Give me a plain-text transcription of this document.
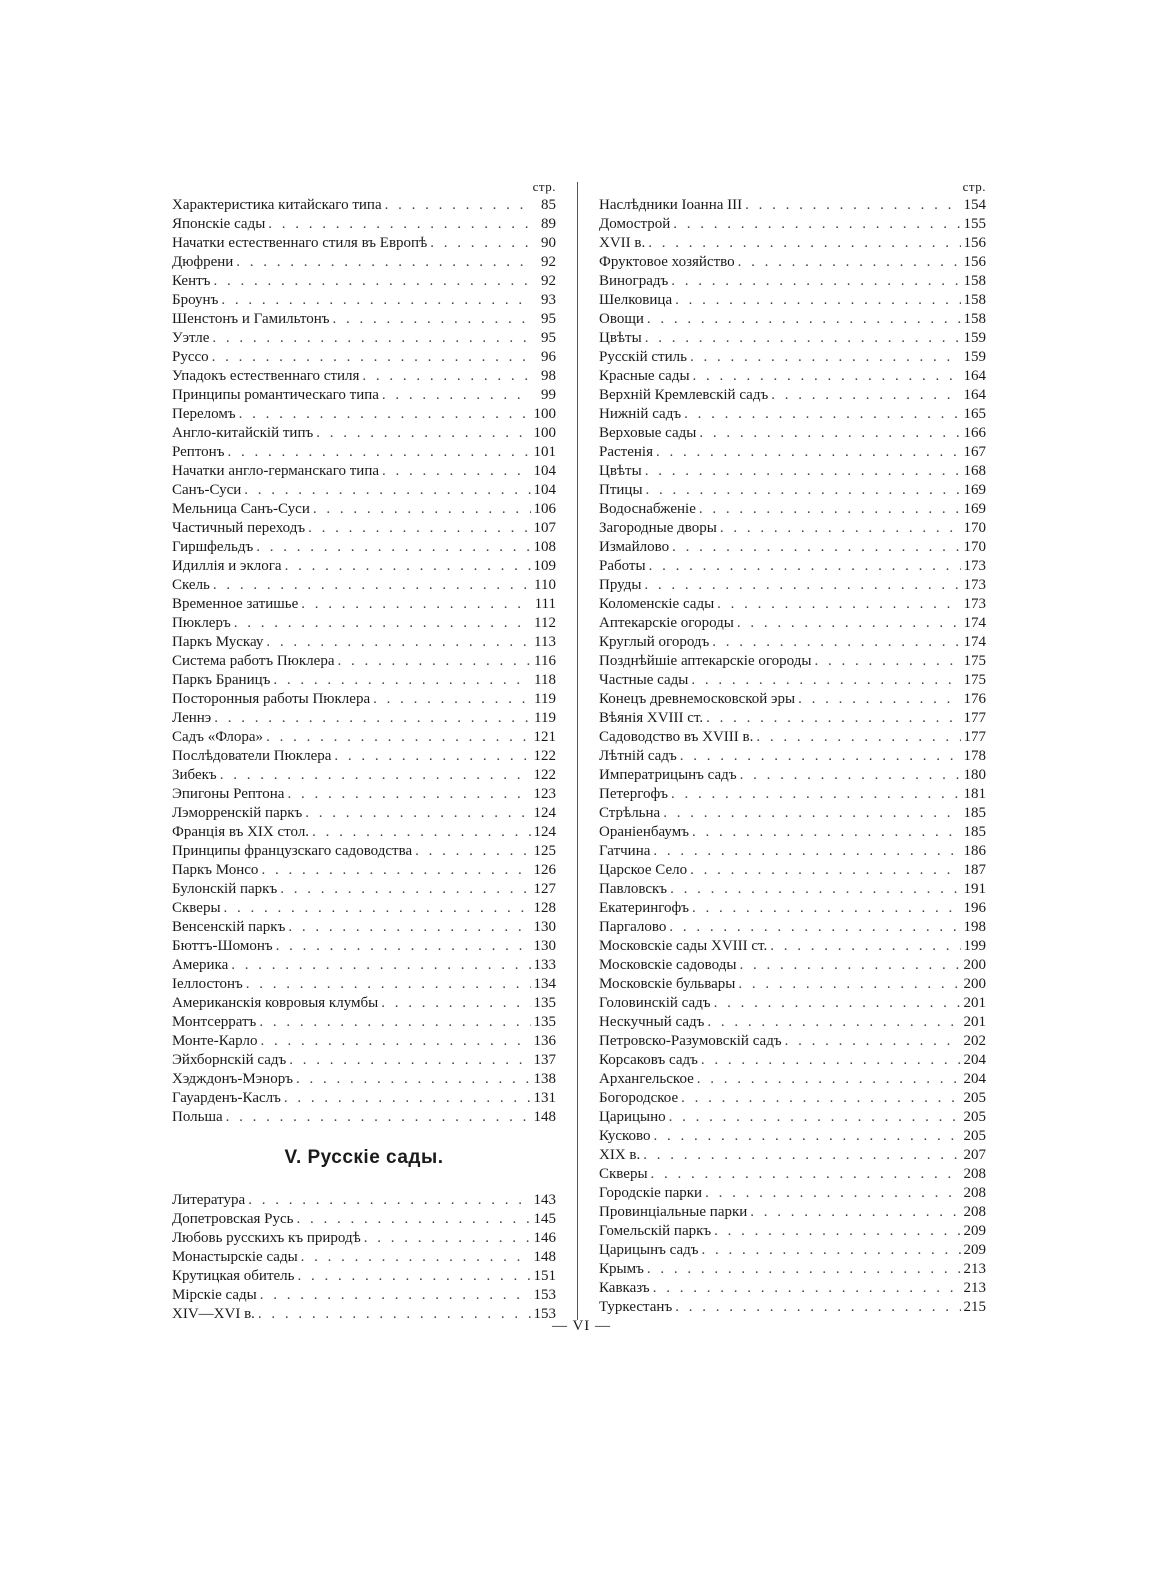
стр.
Характеристика китайскаго типа . . .	85
Японскіе сады . . .	89
Начатки естественнаго стиля въ Европѣ . . .	90
Дюфрени . . .	92
Кентъ . . .	92
Броунъ . . .	93
Шенстонъ и Гамильтонъ . . .	95
Уэтле . . .	95
Руссо . . .	96
Упадокъ естественнаго стиля . . .	98
Принципы романтическаго типа . . .	99
Переломъ . . .	100
Англо-китайскій типъ . . .	100
Рептонъ . . .	101
Начатки англо-германскаго типа . . .	104
Санъ-Суси . . .	104
Мельница Санъ-Суси . . .	106
Частичный переходъ . . .	107
Гиршфельдъ . . .	108
Идиллія и эклога . . .	109
Скель . . .	110
Временное затишье . . .	111
Пюклеръ . . .	112
Паркъ Мускау . . .	113
Система работъ Пюклера . . .	116
Паркъ Браницъ . . .	118
Посторонныя работы Пюклера . . .	119
Леннэ . . .	119
Садъ «Флора» . . .	121
Послѣдователи Пюклера . . .	122
Зибекъ . . .	122
Эпигоны Рептона . . .	123
Лэморренскій паркъ . . .	124
Франція въ XIX стол. . . .	124
Принципы французскаго садоводства . . .	125
Паркъ Монсо . . .	126
Булонскій паркъ . . .	127
Скверы . . .	128
Венсенскій паркъ . . .	130
Бюттъ-Шомонъ . . .	130
Америка . . .	133
Іеллостонъ . . .	134
Американскія ковровыя клумбы . . .	135
Монтсерратъ . . .	135
Монте-Карло . . .	136
Эйхборнскій садъ . . .	137
Хэдждонъ-Мэноръ . . .	138
Гауарденъ-Каслъ . . .	131
Польша . . .	148
V. Русскіе сады.
Литература . . .	143
Допетровская Русь . . .	145
Любовь русскихъ къ природѣ . . .	146
Монастырскіе сады . . .	148
Крутицкая обитель . . .	151
Мірскіе сады . . .	153
XIV—XVI в. . . .	153
стр.
Наслѣдники Іоанна III . . .	154
Домострой . . .	155
XVII в. . . .	156
Фруктовое хозяйство . . .	156
Виноградъ . . .	158
Шелковица . . .	158
Овощи . . .	158
Цвѣты . . .	159
Русскій стиль . . .	159
Красные сады . . .	164
Верхній Кремлевскій садъ . . .	164
Нижній садъ . . .	165
Верховые сады . . .	166
Растенія . . .	167
Цвѣты . . .	168
Птицы . . .	169
Водоснабженіе . . .	169
Загородные дворы . . .	170
Измайлово . . .	170
Работы . . .	173
Пруды . . .	173
Коломенскіе сады . . .	173
Аптекарскіе огороды . . .	174
Круглый огородъ . . .	174
Позднѣйшіе аптекарскіе огороды . . .	175
Частные сады . . .	175
Конецъ древнемосковской эры . . .	176
Вѣянія XVIII ст. . . .	177
Садоводство въ XVIII в. . . .	177
Лѣтній садъ . . .	178
Императрицынъ садъ . . .	180
Петергофъ . . .	181
Стрѣльна . . .	185
Ораніенбаумъ . . .	185
Гатчина . . .	186
Царское Село . . .	187
Павловскъ . . .	191
Екатерингофъ . . .	196
Паргалово . . .	198
Московскіе сады XVIII ст. . . .	199
Московскіе садоводы . . .	200
Московскіе бульвары . . .	200
Головинскій садъ . . .	201
Нескучный садъ . . .	201
Петровско-Разумовскій садъ . . .	202
Корсаковъ садъ . . .	204
Архангельское . . .	204
Богородское . . .	205
Царицыно . . .	205
Кусково . . .	205
XIX в. . . .	207
Скверы . . .	208
Городскіе парки . . .	208
Провинціальные парки . . .	208
Гомельскій паркъ . . .	209
Царицынъ садъ . . .	209
Крымъ . . .	213
Кавказъ . . .	213
Туркестанъ . . .	215
— VI —
